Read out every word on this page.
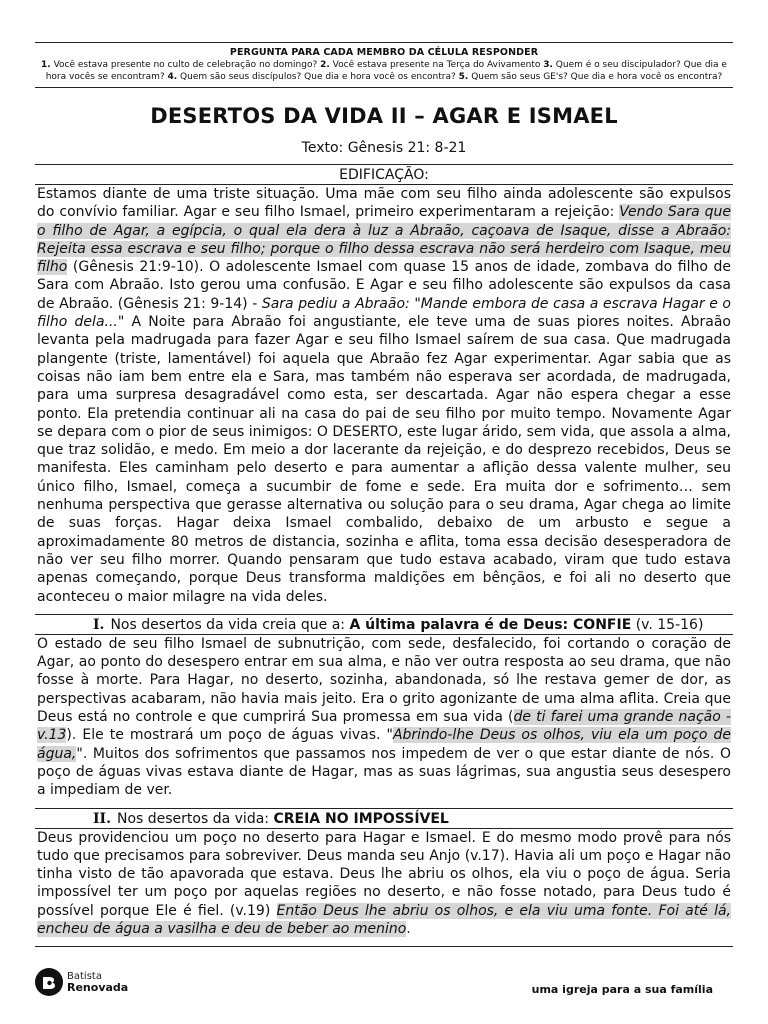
PERGUNTA PARA CADA MEMBRO DA CÉLULA RESPONDER
1. Você estava presente no culto de celebração no domingo? 2. Você estava presente na Terça do Avivamento 3. Quem é o seu discipulador? Que dia e hora vocês se encontram? 4. Quem são seus discípulos? Que dia e hora você os encontra? 5. Quem são seus GE's? Que dia e hora você os encontra?
DESERTOS DA VIDA II – AGAR E ISMAEL
Texto: Gênesis 21: 8-21
EDIFICAÇÃO:
Estamos diante de uma triste situação. Uma mãe com seu filho ainda adolescente são expulsos do convívio familiar. Agar e seu filho Ismael, primeiro experimentaram a rejeição: Vendo Sara que o filho de Agar, a egípcia, o qual ela dera à luz a Abraão, caçoava de Isaque, disse a Abraão: Rejeita essa escrava e seu filho; porque o filho dessa escrava não será herdeiro com Isaque, meu filho (Gênesis 21:9-10). O adolescente Ismael com quase 15 anos de idade, zombava do filho de Sara com Abraão. Isto gerou uma confusão. E Agar e seu filho adolescente são expulsos da casa de Abraão. (Gênesis 21: 9-14) - Sara pediu a Abraão: "Mande embora de casa a escrava Hagar e o filho dela..." A Noite para Abraão foi angustiante, ele teve uma de suas piores noites. Abraão levanta pela madrugada para fazer Agar e seu filho Ismael saírem de sua casa. Que madrugada plangente (triste, lamentável) foi aquela que Abraão fez Agar experimentar. Agar sabia que as coisas não iam bem entre ela e Sara, mas também não esperava ser acordada, de madrugada, para uma surpresa desagradável como esta, ser descartada. Agar não espera chegar a esse ponto. Ela pretendia continuar ali na casa do pai de seu filho por muito tempo. Novamente Agar se depara com o pior de seus inimigos: O DESERTO, este lugar árido, sem vida, que assola a alma, que traz solidão, e medo. Em meio a dor lacerante da rejeição, e do desprezo recebidos, Deus se manifesta. Eles caminham pelo deserto e para aumentar a aflição dessa valente mulher, seu único filho, Ismael, começa a sucumbir de fome e sede. Era muita dor e sofrimento… sem nenhuma perspectiva que gerasse alternativa ou solução para o seu drama, Agar chega ao limite de suas forças. Hagar deixa Ismael combalido, debaixo de um arbusto e segue a aproximadamente 80 metros de distancia, sozinha e aflita, toma essa decisão desesperadora de não ver seu filho morrer. Quando pensaram que tudo estava acabado, viram que tudo estava apenas começando, porque Deus transforma maldições em bênçãos, e foi ali no deserto que aconteceu o maior milagre na vida deles.
I. Nos desertos da vida creia que a: A última palavra é de Deus: CONFIE (v. 15-16)
O estado de seu filho Ismael de subnutrição, com sede, desfalecido, foi cortando o coração de Agar, ao ponto do desespero entrar em sua alma, e não ver outra resposta ao seu drama, que não fosse à morte. Para Hagar, no deserto, sozinha, abandonada, só lhe restava gemer de dor, as perspectivas acabaram, não havia mais jeito. Era o grito agonizante de uma alma aflita. Creia que Deus está no controle e que cumprirá Sua promessa em sua vida (de ti farei uma grande nação - v.13). Ele te mostrará um poço de águas vivas. "Abrindo-lhe Deus os olhos, viu ela um poço de água,". Muitos dos sofrimentos que passamos nos impedem de ver o que estar diante de nós. O poço de águas vivas estava diante de Hagar, mas as suas lágrimas, sua angustia seus desespero a impediam de ver.
II. Nos desertos da vida: CREIA NO IMPOSSÍVEL
Deus providenciou um poço no deserto para Hagar e Ismael. E do mesmo modo provê para nós tudo que precisamos para sobreviver. Deus manda seu Anjo (v.17). Havia ali um poço e Hagar não tinha visto de tão apavorada que estava. Deus lhe abriu os olhos, ela viu o poço de água. Seria impossível ter um poço por aquelas regiões no deserto, e não fosse notado, para Deus tudo é possível porque Ele é fiel. (v.19) Então Deus lhe abriu os olhos, e ela viu uma fonte. Foi até lá, encheu de água a vasilha e deu de beber ao menino.
Batista
Renovada	uma igreja para a sua família
